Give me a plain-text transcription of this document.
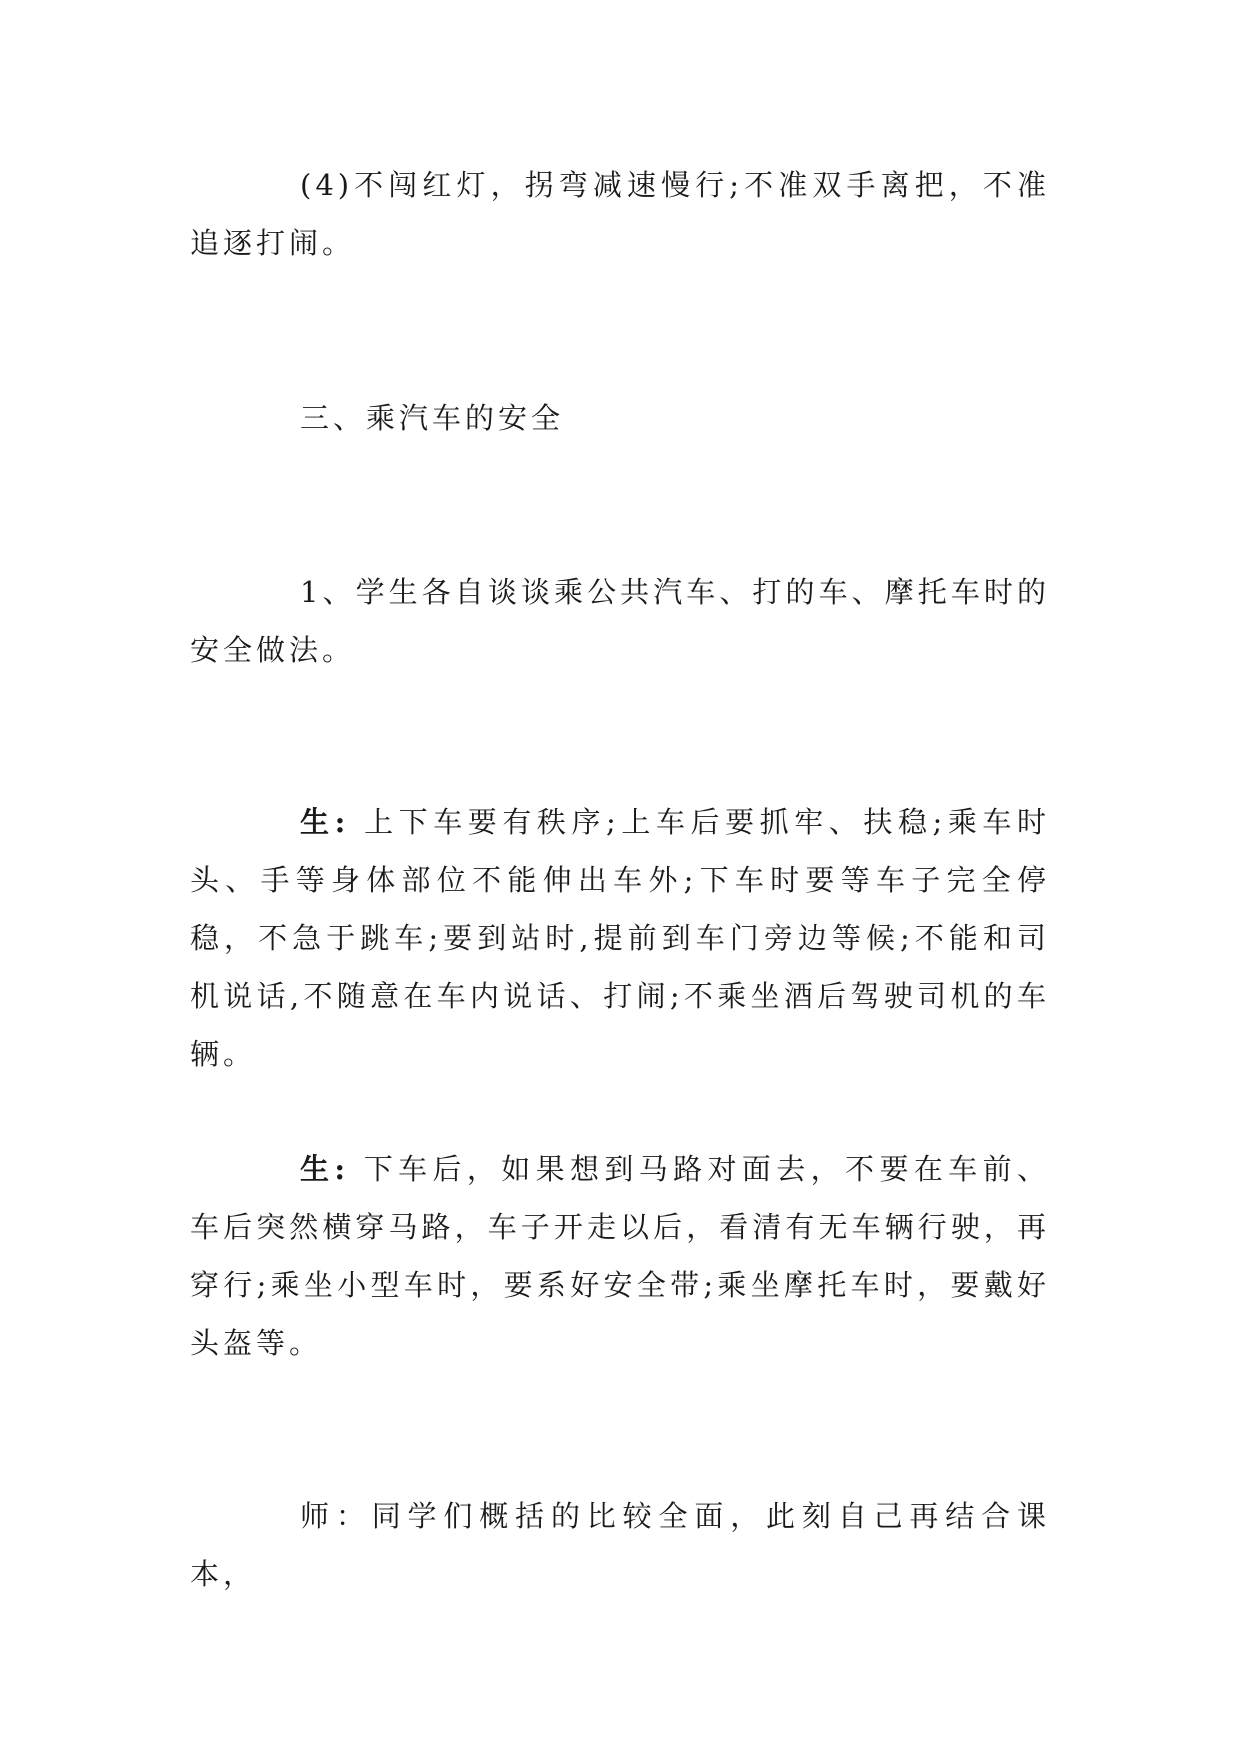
(4)不闯红灯，拐弯减速慢行;不准双手离把，不准追逐打闹。

三、乘汽车的安全

1、学生各自谈谈乘公共汽车、打的车、摩托车时的安全做法。

生: 上下车要有秩序;上车后要抓牢、扶稳;乘车时头、手等身体部位不能伸出车外;下车时要等车子完全停稳，不急于跳车;要到站时,提前到车门旁边等候;不能和司机说话,不随意在车内说话、打闹;不乘坐酒后驾驶司机的车辆。

生: 下车后，如果想到马路对面去，不要在车前、车后突然横穿马路，车子开走以后，看清有无车辆行驶，再穿行;乘坐小型车时，要系好安全带;乘坐摩托车时，要戴好头盔等。

师：同学们概括的比较全面，此刻自己再结合课本，
